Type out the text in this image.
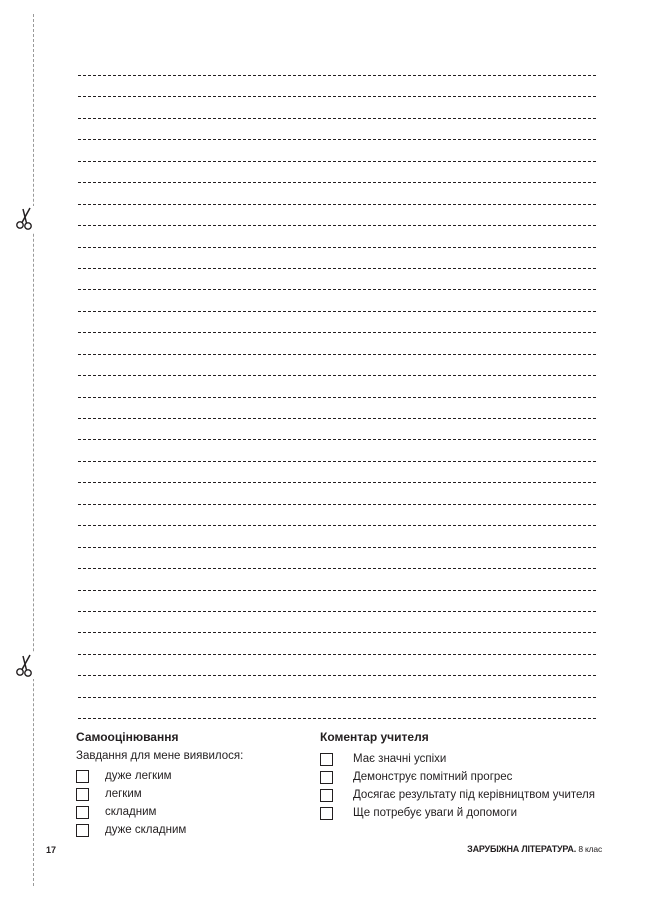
Самооцінювання
Завдання для мене виявилося:
дуже легким
легким
складним
дуже складним
Коментар учителя
Має значні успіхи
Демонструє помітний прогрес
Досягає результату під керівництвом учителя
Ще потребує уваги й допомоги
17	ЗАРУБІЖНА ЛІТЕРАТУРА. 8 клас
